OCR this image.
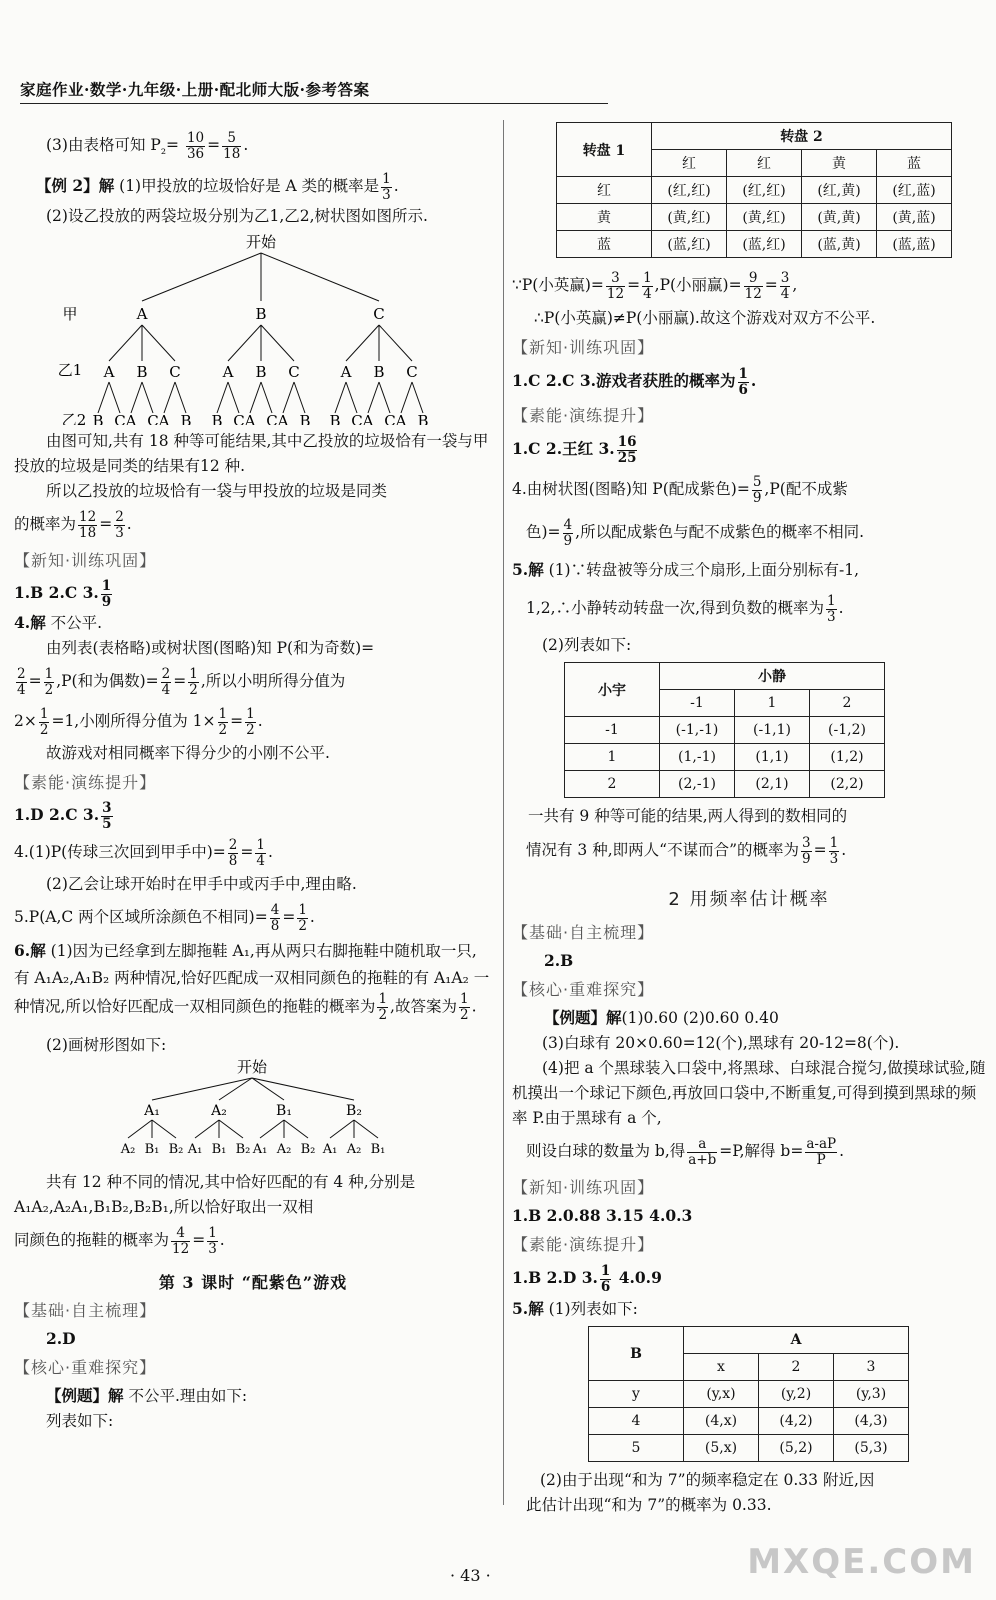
家庭作业·数学·九年级·上册·配北师大版·参考答案

(3)由表格可知 $P_{_2}= \frac{10}{36} = \frac{5}{18}$ .

【例 2】解 (1)甲投放的垃圾恰好是 A 类的概率是 $\frac{1}{3}$ .

(2)设乙投放的两袋垃圾分别为乙1,乙2,树状图如图所示.

开始
甲
乙1
乙2
A
A
B C
B
A C
C
A B
B
A
B C
B
A C
C
A B
C
A
B C
B
A C
C
A B

由图可知,共有 18 种等可能结果,其中乙投放的垃圾恰有一袋与甲投放的垃圾是同类的结果有12 种.

所以乙投放的垃圾恰有一袋与甲投放的垃圾是同类

的概率为 $\frac{12}{18} = \frac{2}{3}$ .

【新知·训练巩固】

1.B 2.C 3. $\frac{1}{9}$

4.解 不公平.

由列表(表格略)或树状图(图略)知 P(和为奇数)=

$\frac{2}{4} = \frac{1}{2} ,P$(和为偶数)= $\frac{2}{4} = \frac{1}{2}$ ,所以小明所得分值为

$2\times \frac{1}{2} =1$,小刚所得分值为 $1\times \frac{1}{2} = \frac{1}{2}$ .

故游戏对相同概率下得分少的小刚不公平.

【素能·演练提升】

1.D 2.C 3. $\frac{3}{5}$

4.(1)P(传球三次回到甲手中)= $\frac{2}{8} = \frac{1}{4}$ .

(2)乙会让球开始时在甲手中或丙手中,理由略.

5.P(A,C 两个区域所涂颜色不相同)= $\frac{4}{8} = \frac{1}{2}$ .

6.解 (1)因为已经拿到左脚拖鞋 A₁,再从两只右脚拖鞋中随机取一只,有 A₁A₂,A₁B₂ 两种情况,恰好匹配成一双相同颜色的拖鞋的有 A₁A₂ 一种情况,所以恰好匹配成一双相同颜色的拖鞋的概率为 $\frac{1}{2}$ ,故答案为 $\frac{1}{2}$ .

(2)画树形图如下:

开始
A₁
A₂ B₁ B₂
A₂
A₁ B₁ B₂
B₁
A₁ A₂ B₂
B₂
A₁ A₂ B₁

共有 12 种不同的情况,其中恰好匹配的有 4 种,分别是 A₁A₂,A₂A₁,B₁B₂,B₂B₁,所以恰好取出一双相

同颜色的拖鞋的概率为 $\frac{4}{12} = \frac{1}{3}$ .

第 3 课时 “配紫色”游戏
【基础·自主梳理】

2.D

【核心·重难探究】

【例题】解 不公平.理由如下:

列表如下:

转盘 1	转盘 2			
	红	红	黄	蓝
红	(红,红)	(红,红)	(红,黄)	(红,蓝)
黄	(黄,红)	(黄,红)	(黄,黄)	(黄,蓝)
蓝	(蓝,红)	(蓝,红)	(蓝,黄)	(蓝,蓝)

∵P(小英赢)= $\frac{3}{12} = \frac{1}{4} ,P$(小丽赢)= $\frac{9}{12} = \frac{3}{4}$ ,

∴P(小英赢)≠P(小丽赢).故这个游戏对双方不公平.

【新知·训练巩固】

1.C 2.C 3.游戏者获胜的概率为 $\frac{1}{6}$ .

【素能·演练提升】

1.C 2.王红 3. $\frac{16}{25}$

4.由树状图(图略)知 P(配成紫色)= $\frac{5}{9} ,P$(配不成紫

色)= $\frac{4}{9}$ ,所以配成紫色与配不成紫色的概率不相同.

5.解 (1)∵转盘被等分成三个扇形,上面分别标有-1,

1,2,∴小静转动转盘一次,得到负数的概率为 $\frac{1}{3}$ .

(2)列表如下:

小宇	小静		
	-1	1	2
-1	(-1,-1)	(-1,1)	(-1,2)
1	(1,-1)	(1,1)	(1,2)
2	(2,-1)	(2,1)	(2,2)

一共有 9 种等可能的结果,两人得到的数相同的

情况有 3 种,即两人“不谋而合”的概率为 $\frac{3}{9} = \frac{1}{3}$ .

2 用频率估计概率
【基础·自主梳理】

2.B

【核心·重难探究】

【例题】解(1)0.60 (2)0.60 0.40

(3)白球有 20×0.60=12(个),黑球有 20-12=8(个).

(4)把 a 个黑球装入口袋中,将黑球、白球混合搅匀,做摸球试验,随机摸出一个球记下颜色,再放回口袋中,不断重复,可得到摸到黑球的频率 P.由于黑球有 a 个,

则设白球的数量为 b,得 $\frac{a}{a+b} =P$,解得 $b= \frac{a-aP}{P}$ .

【新知·训练巩固】

1.B 2.0.88 3.15 4.0.3

【素能·演练提升】

1.B 2.D 3. $\frac{1}{6} 4.0.9$

5.解 (1)列表如下:

B	A		
	x	2	3
y	(y,x)	(y,2)	(y,3)
4	(4,x)	(4,2)	(4,3)
5	(5,x)	(5,2)	(5,3)

(2)由于出现“和为 7”的频率稳定在 0.33 附近,因

此估计出现“和为 7”的概率为 0.33.

· 43 ·	MXQE.COM
